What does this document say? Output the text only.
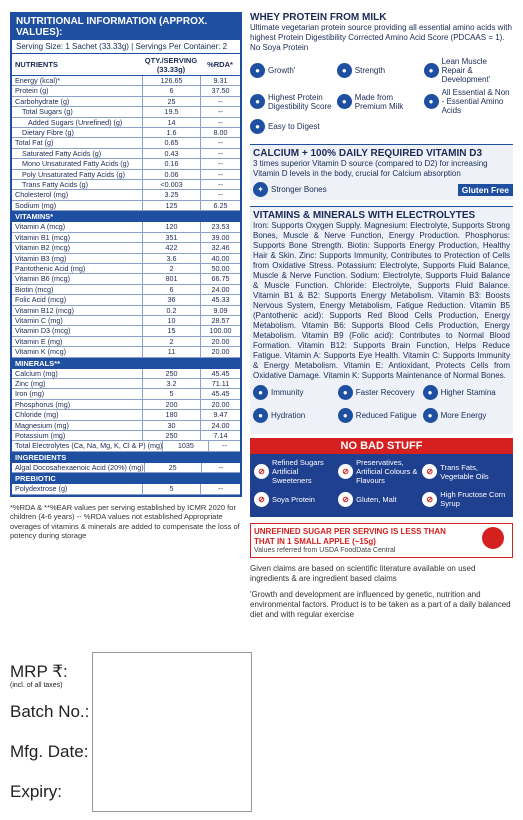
NUTRITIONAL INFORMATION (APPROX. VALUES):
Serving Size: 1 Sachet (33.33g) | Servings Per Container: 2
NUTRIENTS	QTY./SERVING (33.33g)	%RDA*
Energy (kcal)*	126.65	9.31
Protein (g)	6	37.50
Carbohydrate (g)	25	--
Total Sugars (g)	19.5	--
Added Sugars (Unrefined) (g)	14	--
Dietary Fibre (g)	1.6	8.00
Total Fat (g)	0.65	--
Saturated Fatty Acids (g)	0.43	--
Mono Unsaturated Fatty Acids (g)	0.16	--
Poly Unsaturated Fatty Acids (g)	0.06	--
Trans Fatty Acids (g)	<0.003	--
Cholesterol (mg)	3.25	--
Sodium (mg)	125	6.25
VITAMINS*
Vitamin A (mcg)	120	23.53
Vitamin B1 (mcg)	351	39.00
Vitamin B2 (mcg)	422	32.46
Vitamin B3 (mg)	3.6	40.00
Pantothenic Acid (mg)	2	50.00
Vitamin B6 (mcg)	801	66.75
Biotin (mcg)	6	24.00
Folic Acid (mcg)	36	45.33
Vitamin B12 (mcg)	0.2	9.09
Vitamin C (mg)	10	28.57
Vitamin D3 (mcg)	15	100.00
Vitamin E (mg)	2	20.00
Vitamin K (mcg)	11	20.00
MINERALS**
Calcium (mg)	250	45.45
Zinc (mg)	3.2	71.11
Iron (mg)	5	45.45
Phosphorus (mg)	200	20.00
Chloride (mg)	180	9.47
Magnesium (mg)	30	24.00
Potassium (mg)	250	7.14
Total Electrolytes (Ca, Na, Mg, K, Cl & P) (mg)	1035	--
INGREDIENTS
Algal Docosahexaenoic Acid (20%) (mg)	25	--
PREBIOTIC
Polydextrose (g)	5	--
*%RDA & **%EAR values per serving established by ICMR 2020 for children (4-6 years) -- %RDA values not established Appropriate overages of vitamins & minerals are added to compensate the loss of potency during storage
MRP ₹:
(incl. of all taxes)
Batch No.:
Mfg. Date:
Expiry:
WHEY PROTEIN FROM MILK
Ultimate vegetarian protein source providing all essential amino acids with highest Protein Digestibility Corrected Amino Acid Score (PDCAAS = 1). No Soya Protein
●	Growth'	●	Strength	●
Lean Muscle Repair & Development'
●	Highest Protein Digestibility Score	●	Made from Premium Milk	●
All Essential & Non - Essential Amino Acids
●	Easy to Digest
CALCIUM + 100% DAILY REQUIRED VITAMIN D3
3 times superior Vitamin D source (compared to D2) for increasing Vitamin D levels in the body, crucial for Calcium absorption
✦ Stronger Bones	Gluten Free
VITAMINS & MINERALS WITH ELECTROLYTES
Iron: Supports Oxygen Supply. Magnesium: Electrolyte, Supports Strong Bones, Muscle & Nerve Function, Energy Production. Phosphorus: Supports Bone Strength. Biotin: Supports Energy Production, Healthy Hair & Skin. Zinc: Supports Immunity, Contributes to Protection of Cells from Oxidative Stress. Potassium: Electrolyte, Supports Fluid Balance, Muscle & Nerve Function. Sodium: Electrolyte, Supports Fluid Balance & Muscle Function. Chloride: Electrolyte, Supports Fluid Balance. Vitamin B1 & B2: Supports Energy Metabolism. Vitamin B3: Boosts Nervous System, Energy Metabolism, Fatigue Reduction. Vitamin B5 (Pantothenic acid): Supports Red Blood Cells Production, Energy Metabolism. Vitamin B6: Supports Blood Cells Production, Energy Metabolism. Vitamin B9 (Folic acid): Contributes to Normal Blood Formation. Vitamin B12: Supports Brain Function, Helps Reduce Fatigue. Vitamin A: Supports Eye Health. Vitamin C: Supports Immunity & Energy Metabolism. Vitamin E: Antioxidant, Protects Cells from Oxidative Damage. Vitamin K: Supports Maintenance of Normal Bones.
●	Immunity	●	Faster Recovery	●	Higher Stamina
●	Hydration	●	Reduced Fatigue	●	More Energy
NO BAD STUFF
⊘
Refined Sugars Artificial Sweeteners
⊘
Preservatives, Artificial Colours & Flavours
⊘ Trans Fats, Vegetable Oils
⊘ Soya Protein	⊘ Gluten, Malt	⊘ High Fructose Corn Syrup
UNREFINED SUGAR PER SERVING IS LESS THAN THAT IN 1 SMALL APPLE (~15g)
Values referred from USDA FoodData Central
Given claims are based on scientific literature available on used ingredients & are ingredient based claims
'Growth and development are influenced by genetic, nutrition and environmental factors. Product is to be taken as a part of a daily balanced diet and with regular exercise
